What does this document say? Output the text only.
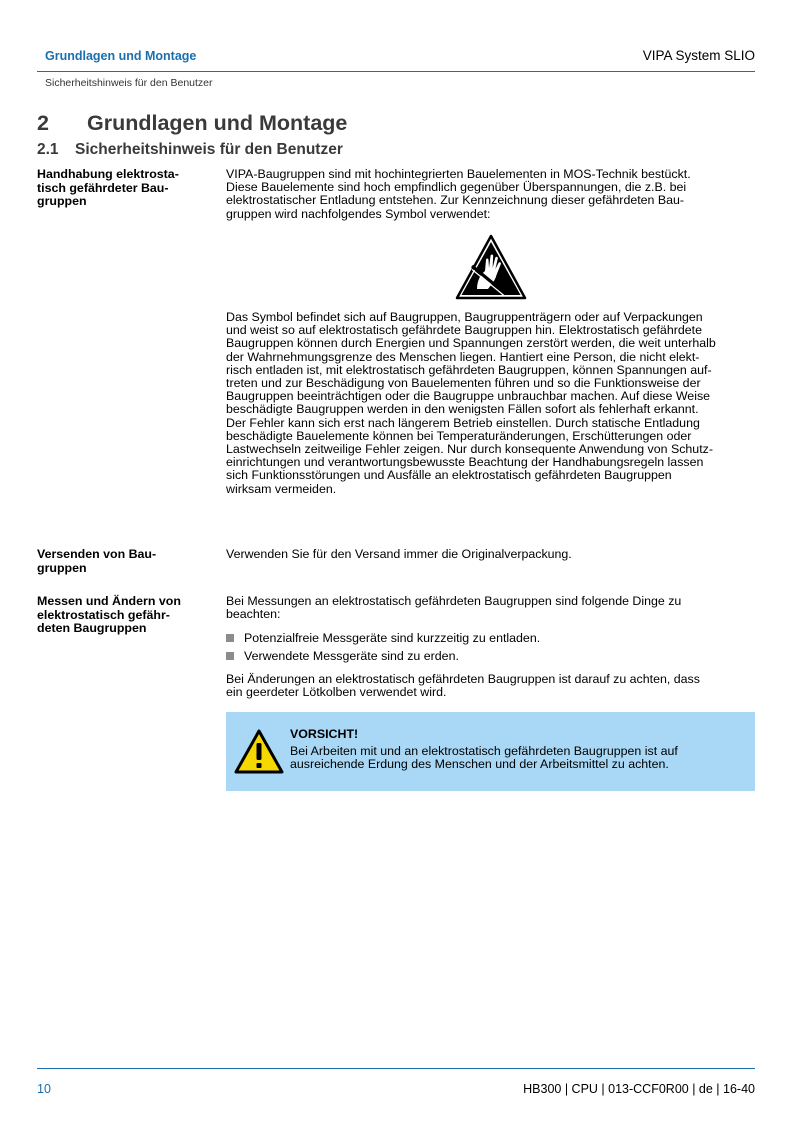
Grundlagen und Montage	VIPA System SLIO
Sicherheitshinweis für den Benutzer
2 Grundlagen und Montage
2.1 Sicherheitshinweis für den Benutzer
Handhabung elektrosta-
tisch gefährdeter Bau-
gruppen
VIPA-Baugruppen sind mit hochintegrierten Bauelementen in MOS-Technik bestückt.
Diese Bauelemente sind hoch empfindlich gegenüber Überspannungen, die z.B. bei
elektrostatischer Entladung entstehen. Zur Kennzeichnung dieser gefährdeten Bau-
gruppen wird nachfolgendes Symbol verwendet:
Das Symbol befindet sich auf Baugruppen, Baugruppenträgern oder auf Verpackungen
und weist so auf elektrostatisch gefährdete Baugruppen hin. Elektrostatisch gefährdete
Baugruppen können durch Energien und Spannungen zerstört werden, die weit unterhalb
der Wahrnehmungsgrenze des Menschen liegen. Hantiert eine Person, die nicht elekt-
risch entladen ist, mit elektrostatisch gefährdeten Baugruppen, können Spannungen auf-
treten und zur Beschädigung von Bauelementen führen und so die Funktionsweise der
Baugruppen beeinträchtigen oder die Baugruppe unbrauchbar machen. Auf diese Weise
beschädigte Baugruppen werden in den wenigsten Fällen sofort als fehlerhaft erkannt.
Der Fehler kann sich erst nach längerem Betrieb einstellen. Durch statische Entladung
beschädigte Bauelemente können bei Temperaturänderungen, Erschütterungen oder
Lastwechseln zeitweilige Fehler zeigen. Nur durch konsequente Anwendung von Schutz-
einrichtungen und verantwortungsbewusste Beachtung der Handhabungsregeln lassen
sich Funktionsstörungen und Ausfälle an elektrostatisch gefährdeten Baugruppen
wirksam vermeiden.
Versenden von Bau-
gruppen
Verwenden Sie für den Versand immer die Originalverpackung.
Messen und Ändern von
elektrostatisch gefähr-
deten Baugruppen
Bei Messungen an elektrostatisch gefährdeten Baugruppen sind folgende Dinge zu
beachten:
Potenzialfreie Messgeräte sind kurzzeitig zu entladen.
Verwendete Messgeräte sind zu erden.
Bei Änderungen an elektrostatisch gefährdeten Baugruppen ist darauf zu achten, dass
ein geerdeter Lötkolben verwendet wird.
VORSICHT!
Bei Arbeiten mit und an elektrostatisch gefährdeten Baugruppen ist auf
ausreichende Erdung des Menschen und der Arbeitsmittel zu achten.
10	HB300 | CPU | 013-CCF0R00 | de | 16-40
